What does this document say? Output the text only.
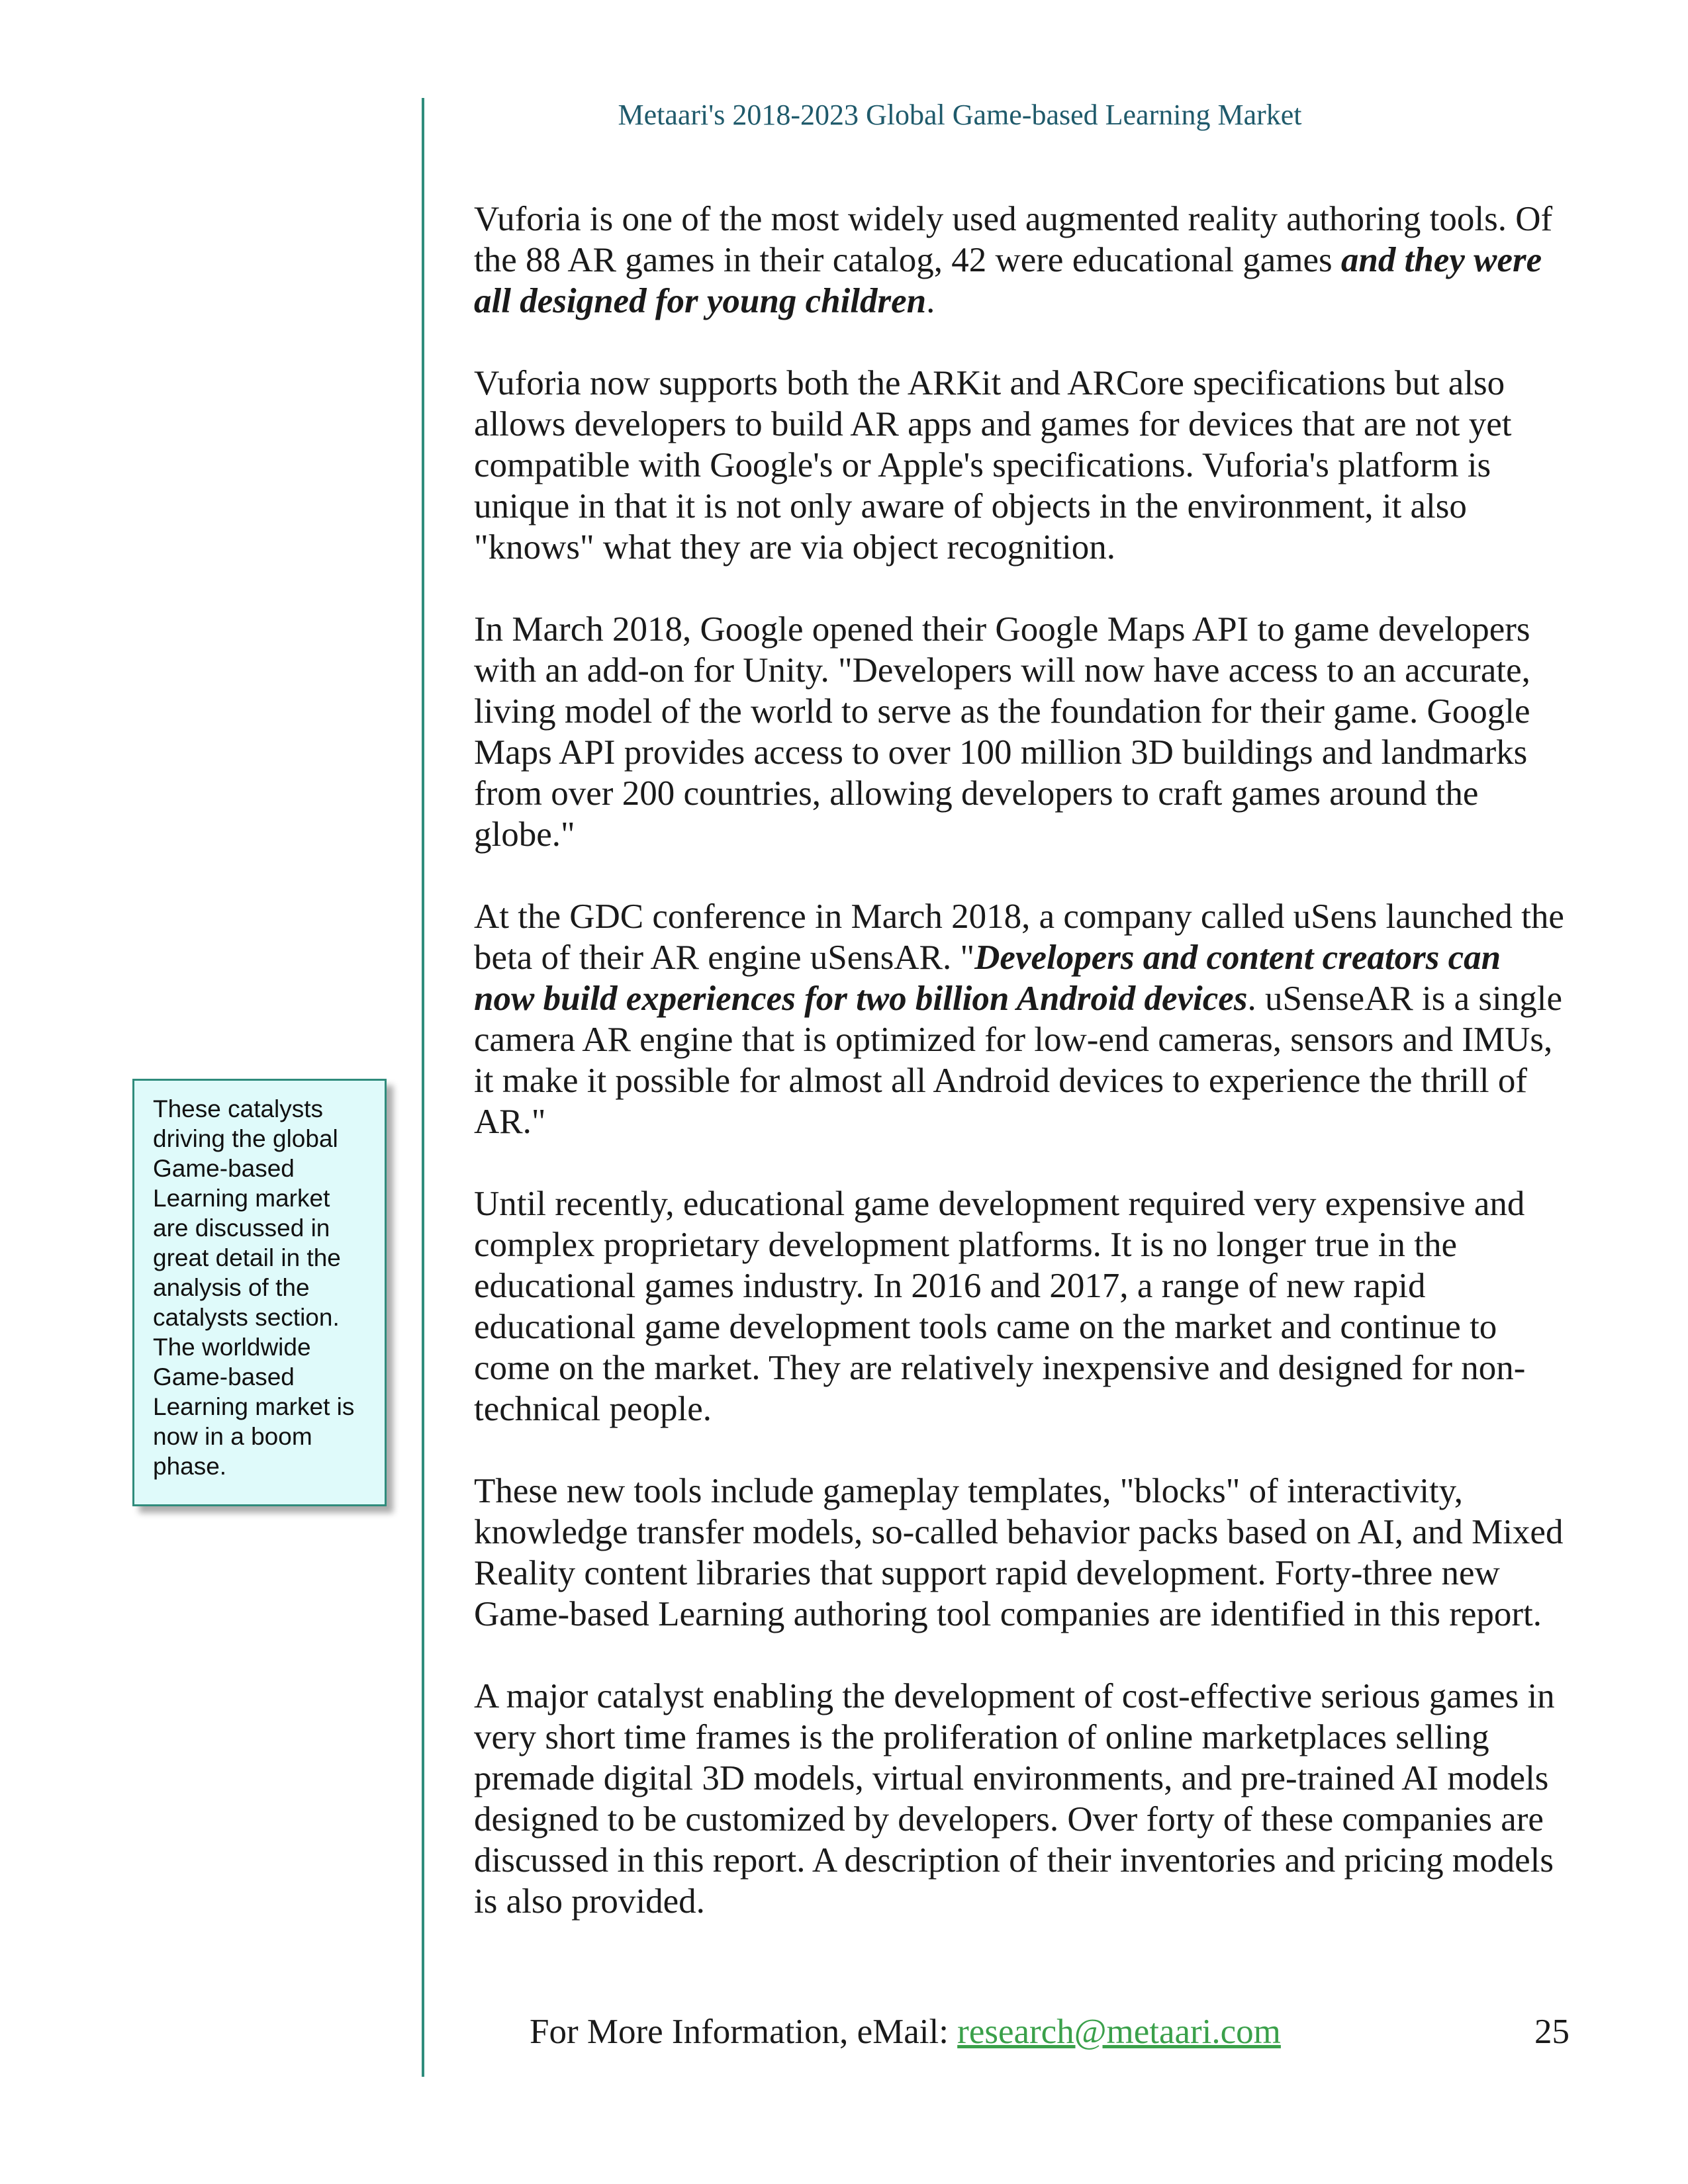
Metaari's 2018-2023 Global Game-based Learning Market

Vuforia is one of the most widely used augmented reality authoring tools. Of the 88 AR games in their catalog, 42 were educational games and they were all designed for young children.

Vuforia now supports both the ARKit and ARCore specifications but also allows developers to build AR apps and games for devices that are not yet compatible with Google's or Apple's specifications. Vuforia's platform is unique in that it is not only aware of objects in the environment, it also "knows" what they are via object recognition.

In March 2018, Google opened their Google Maps API to game developers with an add-on for Unity. "Developers will now have access to an accurate, living model of the world to serve as the foundation for their game. Google Maps API provides access to over 100 million 3D buildings and landmarks from over 200 countries, allowing developers to craft games around the globe."

At the GDC conference in March 2018, a company called uSens launched the beta of their AR engine uSensAR. "Developers and content creators can now build experiences for two billion Android devices. uSenseAR is a single camera AR engine that is optimized for low-end cameras, sensors and IMUs, it make it possible for almost all Android devices to experience the thrill of AR."

Until recently, educational game development required very expensive and complex proprietary development platforms. It is no longer true in the educational games industry. In 2016 and 2017, a range of new rapid educational game development tools came on the market and continue to come on the market. They are relatively inexpensive and designed for non-technical people.

These new tools include gameplay templates, "blocks" of interactivity, knowledge transfer models, so-called behavior packs based on AI, and Mixed Reality content libraries that support rapid development. Forty-three new Game-based Learning authoring tool companies are identified in this report.

A major catalyst enabling the development of cost-effective serious games in very short time frames is the proliferation of online marketplaces selling premade digital 3D models, virtual environments, and pre-trained AI models designed to be customized by developers. Over forty of these companies are discussed in this report. A description of their inventories and pricing models is also provided.

These catalysts driving the global Game-based Learning market are discussed in great detail in the analysis of the catalysts section. The worldwide Game-based Learning market is now in a boom phase.
For More Information, eMail: research@metaari.com	25
